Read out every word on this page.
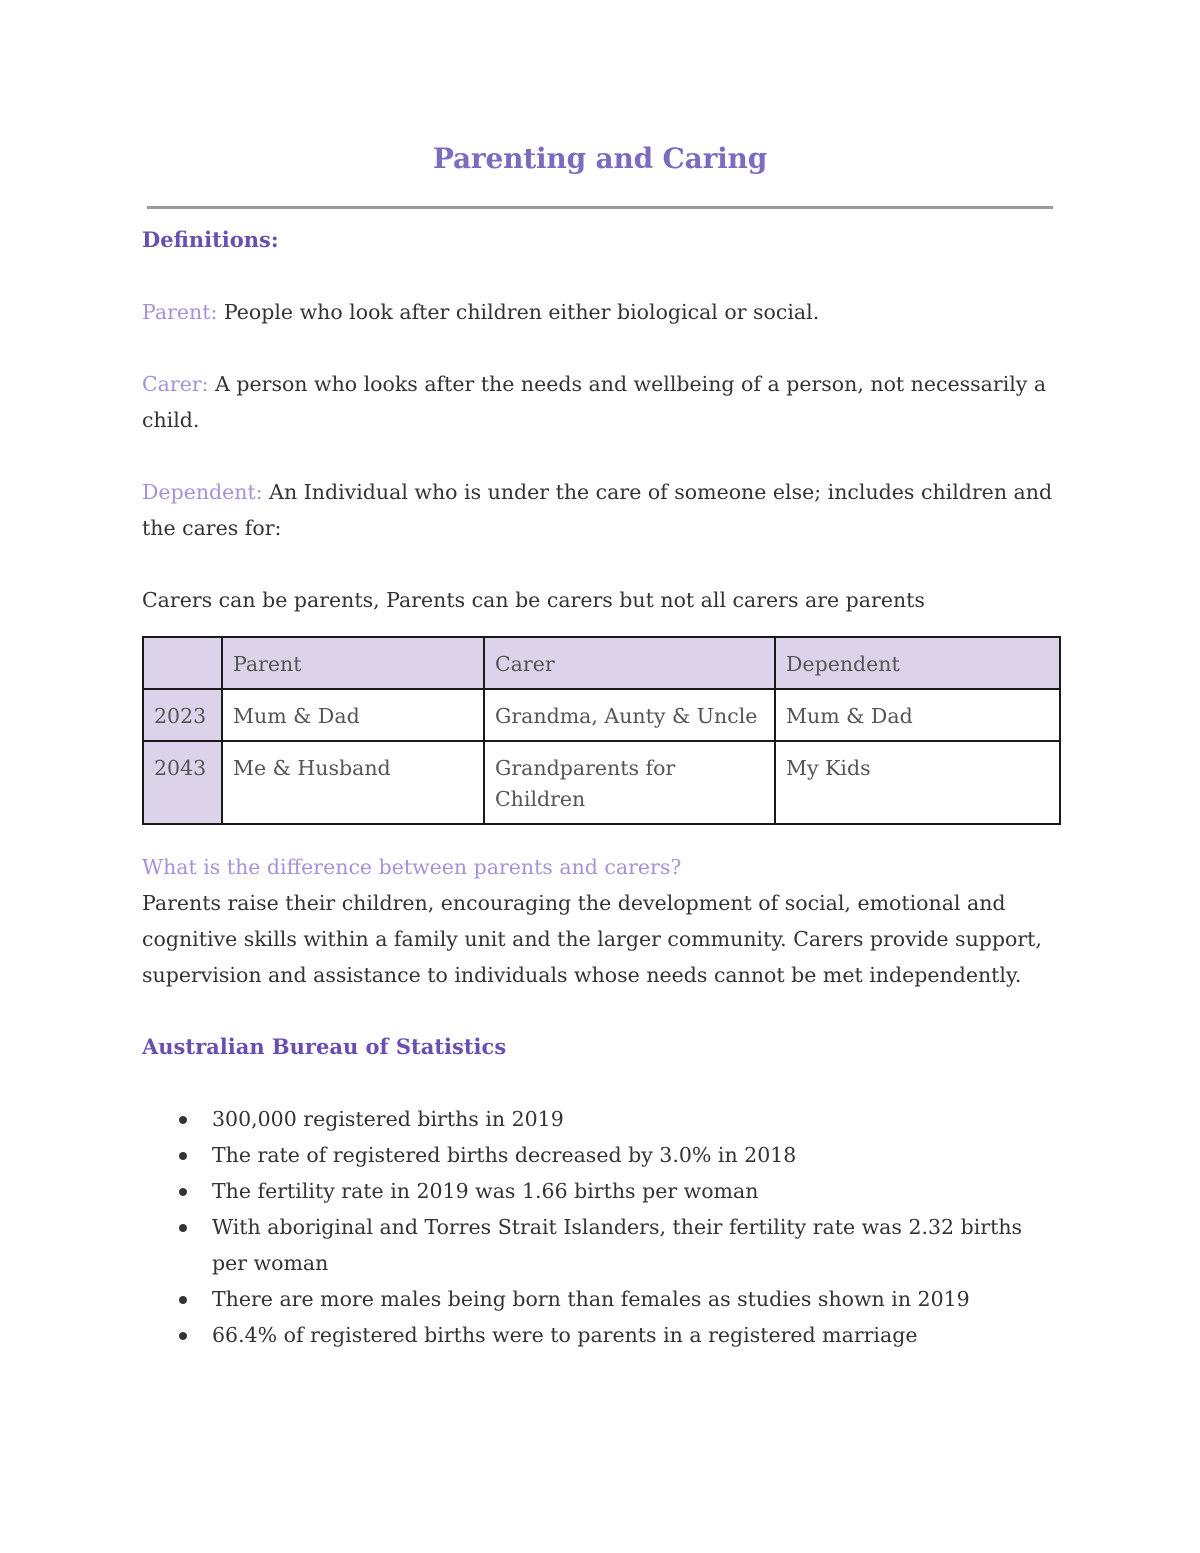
Parenting and Caring

Definitions:

Parent: People who look after children either biological or social.

Carer: A person who looks after the needs and wellbeing of a person, not necessarily a child.

Dependent: An Individual who is under the care of someone else; includes children and the cares for:

Carers can be parents, Parents can be carers but not all carers are parents

	Parent	Carer	Dependent
2023	Mum & Dad	Grandma, Aunty & Uncle	Mum & Dad
2043	Me & Husband	Grandparents for Children	My Kids

What is the difference between parents and carers?

Parents raise their children, encouraging the development of social, emotional and cognitive skills within a family unit and the larger community. Carers provide support, supervision and assistance to individuals whose needs cannot be met independently.

Australian Bureau of Statistics

300,000 registered births in 2019
The rate of registered births decreased by 3.0% in 2018
The fertility rate in 2019 was 1.66 births per woman
With aboriginal and Torres Strait Islanders, their fertility rate was 2.32 births per woman
There are more males being born than females as studies shown in 2019
66.4% of registered births were to parents in a registered marriage
